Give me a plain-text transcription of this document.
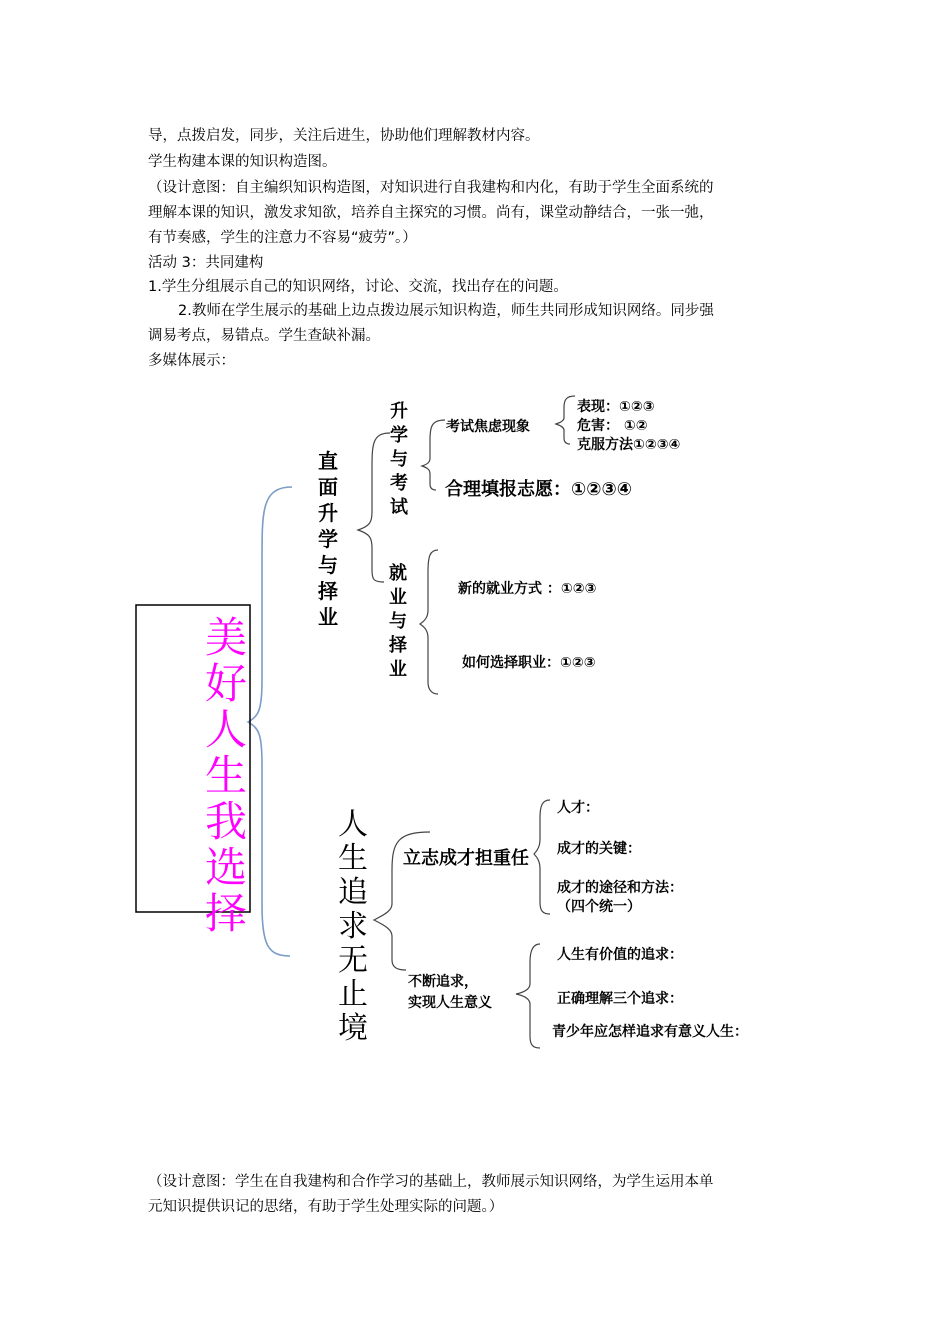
导，点拨启发，同步，关注后进生，协助他们理解教材内容。
学生构建本课的知识构造图。
（设计意图：自主编织知识构造图，对知识进行自我建构和内化，有助于学生全面系统的
理解本课的知识，激发求知欲，培养自主探究的习惯。尚有，课堂动静结合，一张一弛，
有节奏感，学生的注意力不容易“疲劳”。）
活动 3：共同建构
1.学生分组展示自己的知识网络，讨论、交流，找出存在的问题。
2.教师在学生展示的基础上边点拨边展示知识构造，师生共同形成知识网络。同步强
调易考点，易错点。学生查缺补漏。
多媒体展示：
美
好
人
生
我
选
择
直
面
升
学
与
择
业
升
学
与
考
试
就
业
与
择
业
人
生
追
求
无
止
境
考试焦虑现象
表现：①②③
危害： ①②
克服方法①②③④
合理填报志愿：①②③④
新的就业方式 ：①②③
如何选择职业：①②③
立志成才担重任
人才：
成才的关键：
成才的途径和方法：
（四个统一）
不断追求，
实现人生意义
人生有价值的追求：
正确理解三个追求：
青少年应怎样追求有意义人生：
（设计意图：学生在自我建构和合作学习的基础上，教师展示知识网络，为学生运用本单
元知识提供识记的思绪，有助于学生处理实际的问题。）
